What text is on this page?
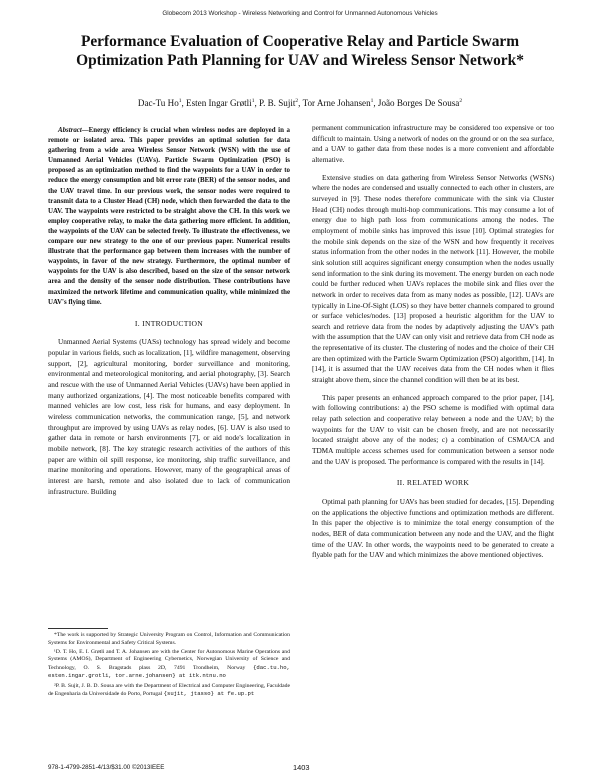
Globecom 2013 Workshop - Wireless Networking and Control for Unmanned Autonomous Vehicles
Performance Evaluation of Cooperative Relay and Particle Swarm Optimization Path Planning for UAV and Wireless Sensor Network*
Dac-Tu Ho$^1$, Esten Ingar Grøtli$^1$, P. B. Sujit$^2$, Tor Arne Johansen$^1$, João Borges De Sousa$^2$

Abstract—Energy efficiency is crucial when wireless nodes are deployed in a remote or isolated area. This paper provides an optimal solution for data gathering from a wide area Wireless Sensor Network (WSN) with the use of Unmanned Aerial Vehicles (UAVs). Particle Swarm Optimization (PSO) is proposed as an optimization method to find the waypoints for a UAV in order to reduce the energy consumption and bit error rate (BER) of the sensor nodes, and the UAV travel time. In our previous work, the sensor nodes were required to transmit data to a Cluster Head (CH) node, which then forwarded the data to the UAV. The waypoints were restricted to be straight above the CH. In this work we employ cooperative relay, to make the data gathering more efficient. In addition, the waypoints of the UAV can be selected freely. To illustrate the effectiveness, we compare our new strategy to the one of our previous paper. Numerical results illustrate that the performance gap between them increases with the number of waypoints, in favor of the new strategy. Furthermore, the optimal number of waypoints for the UAV is also described, based on the size of the sensor network area and the density of the sensor node distribution. These contributions have maximized the network lifetime and communication quality, while minimized the UAV's flying time.

I. INTRODUCTION

Unmanned Aerial Systems (UASs) technology has spread widely and become popular in various fields, such as localization, [1], wildfire management, observing support, [2], agricultural monitoring, border surveillance and monitoring, environmental and meteorological monitoring, and aerial photography, [3]. Search and rescue with the use of Unmanned Aerial Vehicles (UAVs) have been applied in many authorized organizations, [4]. The most noticeable benefits compared with manned vehicles are low cost, less risk for humans, and easy deployment. In wireless communication networks, the communication range, [5], and network throughput are improved by using UAVs as relay nodes, [6]. UAV is also used to gather data in remote or harsh environments [7], or aid node's localization in mobile network, [8]. The key strategic research activities of the authors of this paper are within oil spill response, ice monitoring, ship traffic surveillance, and marine monitoring and operations. However, many of the geographical areas of interest are harsh, remote and also isolated due to lack of communication infrastructure. Building

permanent communication infrastructure may be considered too expensive or too difficult to maintain. Using a network of nodes on the ground or on the sea surface, and a UAV to gather data from these nodes is a more convenient and affordable alternative.

Extensive studies on data gathering from Wireless Sensor Networks (WSNs) where the nodes are condensed and usually connected to each other in clusters, are surveyed in [9]. These nodes therefore communicate with the sink via Cluster Head (CH) nodes through multi-hop communications. This may consume a lot of energy due to high path loss from communications among the nodes. The employment of mobile sinks has improved this issue [10]. Optimal strategies for the mobile sink depends on the size of the WSN and how frequently it receives status information from the other nodes in the network [11]. However, the mobile sink solution still acquires significant energy consumption when the nodes usually send information to the sink during its movement. The energy burden on each node could be further reduced when UAVs replaces the mobile sink and flies over the network in order to receives data from as many nodes as possible, [12]. UAVs are typically in Line-Of-Sight (LOS) so they have better channels compared to ground or surface vehicles/nodes. [13] proposed a heuristic algorithm for the UAV to search and retrieve data from the nodes by adaptively adjusting the UAV's path with the assumption that the UAV can only visit and retrieve data from CH node as the representative of its cluster. The clustering of nodes and the choice of their CH are then optimized with the Particle Swarm Optimization (PSO) algorithm, [14]. In [14], it is assumed that the UAV receives data from the CH nodes when it flies straight above them, since the channel condition will then be at its best.

This paper presents an enhanced approach compared to the prior paper, [14], with following contributions: a) the PSO scheme is modified with optimal data relay path selection and cooperative relay between a node and the UAV; b) the waypoints for the UAV to visit can be chosen freely, and are not necessarily located straight above any of the nodes; c) a combination of CSMA/CA and TDMA multiple access schemes used for communication between a sensor node and the UAV is proposed. The performance is compared with the results in [14].

II. RELATED WORK

Optimal path planning for UAVs has been studied for decades, [15]. Depending on the applications the objective functions and optimization methods are different. In this paper the objective is to minimize the total energy consumption of the nodes, BER of data communication between any node and the UAV, and the flight time of the UAV. In other words, the waypoints need to be generated to create a flyable path for the UAV and which minimizes the above mentioned objectives.

*The work is supported by Strategic University Program on Control, Information and Communication Systems for Environmental and Safety Critical Systems.

¹D. T. Ho, E. I. Grøtli and T. A. Johansen are with the Center for Autonomous Marine Operations and Systems (AMOS), Department of Engineering Cybernetics, Norwegian University of Science and Technology, O. S. Bragstads plass 2D, 7491 Trondheim, Norway {dac.tu.ho, esten.ingar.grotli, tor.arne.johansen} at itk.ntnu.no

²P. B. Sujit, J. B. D. Sousa are with the Department of Electrical and Computer Engineering, Faculdade de Engenharia da Universidade do Porto, Portugal {sujit, jtasso} at fe.up.pt

978-1-4799-2851-4/13/$31.00 ©2013IEEE	1403
